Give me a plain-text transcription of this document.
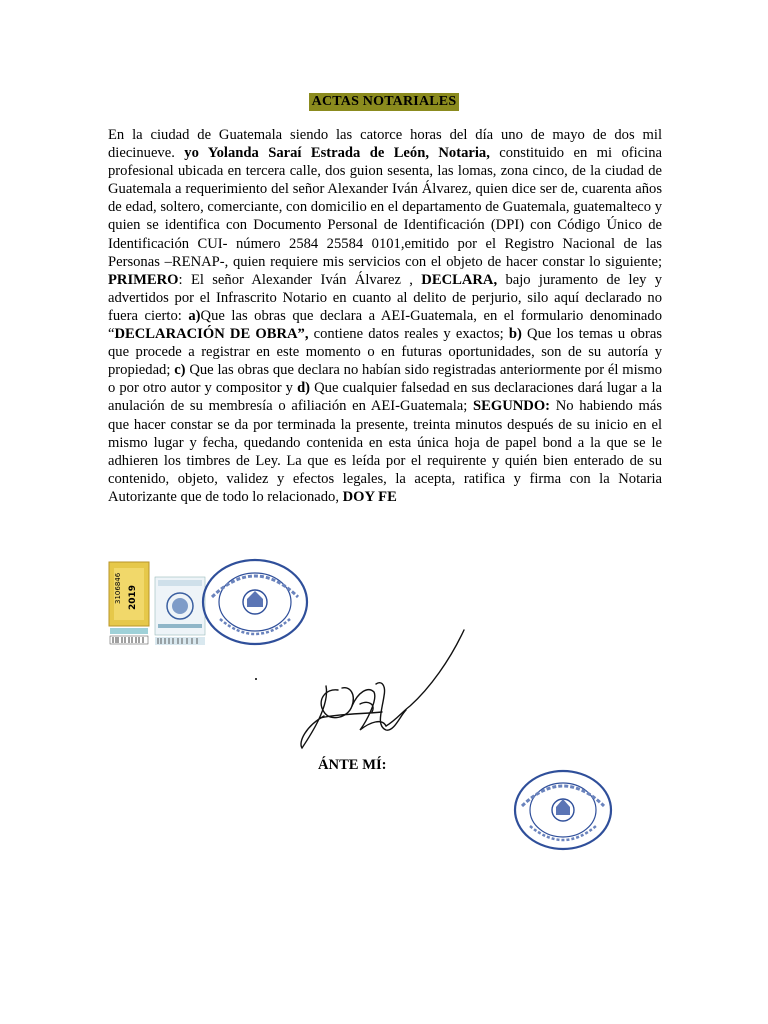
ACTAS NOTARIALES
En la ciudad de Guatemala siendo las catorce horas del día uno de mayo de dos mil diecinueve. yo Yolanda Saraí Estrada de León, Notaria, constituido en mi oficina profesional ubicada en tercera calle, dos guion sesenta, las lomas, zona cinco, de la ciudad de Guatemala a requerimiento del señor Alexander Iván Álvarez, quien dice ser de, cuarenta años de edad, soltero, comerciante, con domicilio en el departamento de Guatemala, guatemalteco y quien se identifica con Documento Personal de Identificación (DPI) con Código Único de Identificación CUI- número 2584 25584 0101,emitido por el Registro Nacional de las Personas –RENAP-, quien requiere mis servicios con el objeto de hacer constar lo siguiente; PRIMERO: El señor Alexander Iván Álvarez , DECLARA, bajo juramento de ley y advertidos por el Infrascrito Notario en cuanto al delito de perjurio, silo aquí declarado no fuera cierto: a)Que las obras que declara a AEI-Guatemala, en el formulario denominado “DECLARACIÓN DE OBRA”, contiene datos reales y exactos; b) Que los temas u obras que procede a registrar en este momento o en futuras oportunidades, son de su autoría y propiedad; c) Que las obras que declara no habían sido registradas anteriormente por él mismo o por otro autor y compositor y d) Que cualquier falsedad en sus declaraciones dará lugar a la anulación de su membresía o afiliación en AEI-Guatemala; SEGUNDO: No habiendo más que hacer constar se da por terminada la presente, treinta minutos después de su inicio en el mismo lugar y fecha, quedando contenida en esta única hoja de papel bond a la que se le adhieren los timbres de Ley. La que es leída por el requirente y quién bien enterado de su contenido, objeto, validez y efectos legales, la acepta, ratifica y firma con la Notaria Autorizante que de todo lo relacionado, DOY FE
3106846 2019
ÁNTE MÍ:
